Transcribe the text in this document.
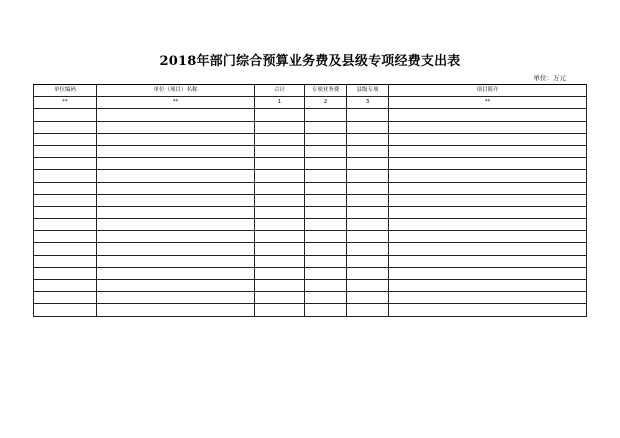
2018年部门综合预算业务费及县级专项经费支出表
单位：万元
单位编码	单位（项目）名称	合计	专项业务费	县级专项	项目简介
**	**	1	2	3	**
